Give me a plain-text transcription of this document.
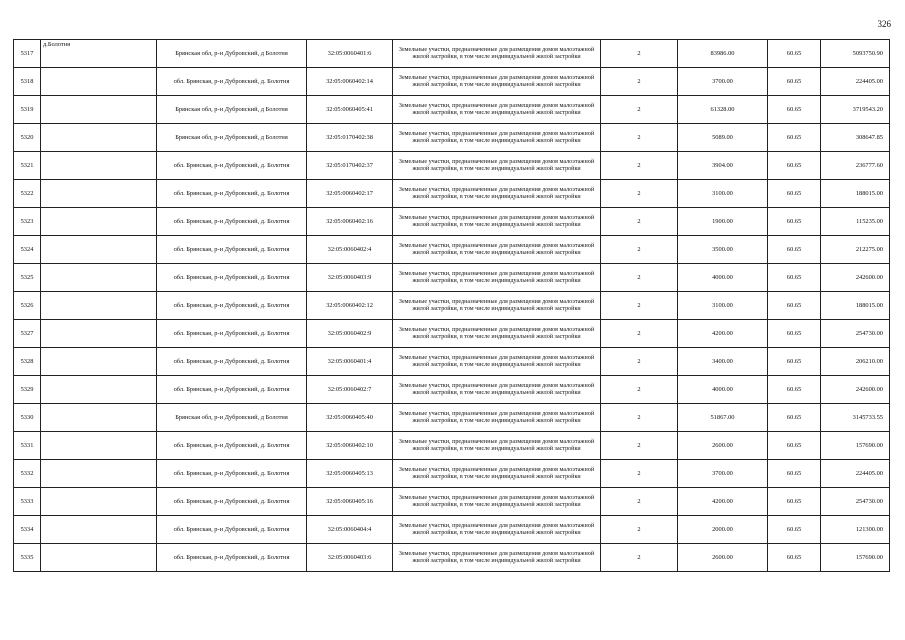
326
5317	д.Болотня	Брянская обл, р-н Дубровский, д Болотня	32:05:0060401:6	Земельные участки, предназначенные для размещения домов малоэтажной жилой застройки, в том числе индивидуальной жилой застройки	2	83986.00	60.65	5093750.90
5318		обл. Брянская, р-н Дубровский, д. Болотня	32:05:0060402:14	Земельные участки, предназначенные для размещения домов малоэтажной жилой застройки, в том числе индивидуальной жилой застройки	2	3700.00	60.65	224405.00
5319		Брянская обл, р-н Дубровский, д Болотня	32:05:0060405:41	Земельные участки, предназначенные для размещения домов малоэтажной жилой застройки, в том числе индивидуальной жилой застройки	2	61328.00	60.65	3719543.20
5320		Брянская обл, р-н Дубровский, д Болотня	32:05:0170402:38	Земельные участки, предназначенные для размещения домов малоэтажной жилой застройки, в том числе индивидуальной жилой застройки	2	5089.00	60.65	308647.85
5321		обл. Брянская, р-н Дубровский, д. Болотня	32:05:0170402:37	Земельные участки, предназначенные для размещения домов малоэтажной жилой застройки, в том числе индивидуальной жилой застройки	2	3904.00	60.65	236777.60
5322		обл. Брянская, р-н Дубровский, д. Болотня	32:05:0060402:17	Земельные участки, предназначенные для размещения домов малоэтажной жилой застройки, в том числе индивидуальной жилой застройки	2	3100.00	60.65	188015.00
5323		обл. Брянская, р-н Дубровский, д. Болотня	32:05:0060402:16	Земельные участки, предназначенные для размещения домов малоэтажной жилой застройки, в том числе индивидуальной жилой застройки	2	1900.00	60.65	115235.00
5324		обл. Брянская, р-н Дубровский, д. Болотня	32:05:0060402:4	Земельные участки, предназначенные для размещения домов малоэтажной жилой застройки, в том числе индивидуальной жилой застройки	2	3500.00	60.65	212275.00
5325		обл. Брянская, р-н Дубровский, д. Болотня	32:05:0060403:9	Земельные участки, предназначенные для размещения домов малоэтажной жилой застройки, в том числе индивидуальной жилой застройки	2	4000.00	60.65	242600.00
5326		обл. Брянская, р-н Дубровский, д. Болотня	32:05:0060402:12	Земельные участки, предназначенные для размещения домов малоэтажной жилой застройки, в том числе индивидуальной жилой застройки	2	3100.00	60.65	188015.00
5327		обл. Брянская, р-н Дубровский, д. Болотня	32:05:0060402:9	Земельные участки, предназначенные для размещения домов малоэтажной жилой застройки, в том числе индивидуальной жилой застройки	2	4200.00	60.65	254730.00
5328		обл. Брянская, р-н Дубровский, д. Болотня	32:05:0060401:4	Земельные участки, предназначенные для размещения домов малоэтажной жилой застройки, в том числе индивидуальной жилой застройки	2	3400.00	60.65	206210.00
5329		обл. Брянская, р-н Дубровский, д. Болотня	32:05:0060402:7	Земельные участки, предназначенные для размещения домов малоэтажной жилой застройки, в том числе индивидуальной жилой застройки	2	4000.00	60.65	242600.00
5330		Брянская обл, р-н Дубровский, д Болотня	32:05:0060405:40	Земельные участки, предназначенные для размещения домов малоэтажной жилой застройки, в том числе индивидуальной жилой застройки	2	51867.00	60.65	3145733.55
5331		обл. Брянская, р-н Дубровский, д. Болотня	32:05:0060402:10	Земельные участки, предназначенные для размещения домов малоэтажной жилой застройки, в том числе индивидуальной жилой застройки	2	2600.00	60.65	157690.00
5332		обл. Брянская, р-н Дубровский, д. Болотня	32:05:0060405:13	Земельные участки, предназначенные для размещения домов малоэтажной жилой застройки, в том числе индивидуальной жилой застройки	2	3700.00	60.65	224405.00
5333		обл. Брянская, р-н Дубровский, д. Болотня	32:05:0060405:16	Земельные участки, предназначенные для размещения домов малоэтажной жилой застройки, в том числе индивидуальной жилой застройки	2	4200.00	60.65	254730.00
5334		обл. Брянская, р-н Дубровский, д. Болотня	32:05:0060404:4	Земельные участки, предназначенные для размещения домов малоэтажной жилой застройки, в том числе индивидуальной жилой застройки	2	2000.00	60.65	121300.00
5335		обл. Брянская, р-н Дубровский, д. Болотня	32:05:0060403:6	Земельные участки, предназначенные для размещения домов малоэтажной жилой застройки, в том числе индивидуальной жилой застройки	2	2600.00	60.65	157690.00
